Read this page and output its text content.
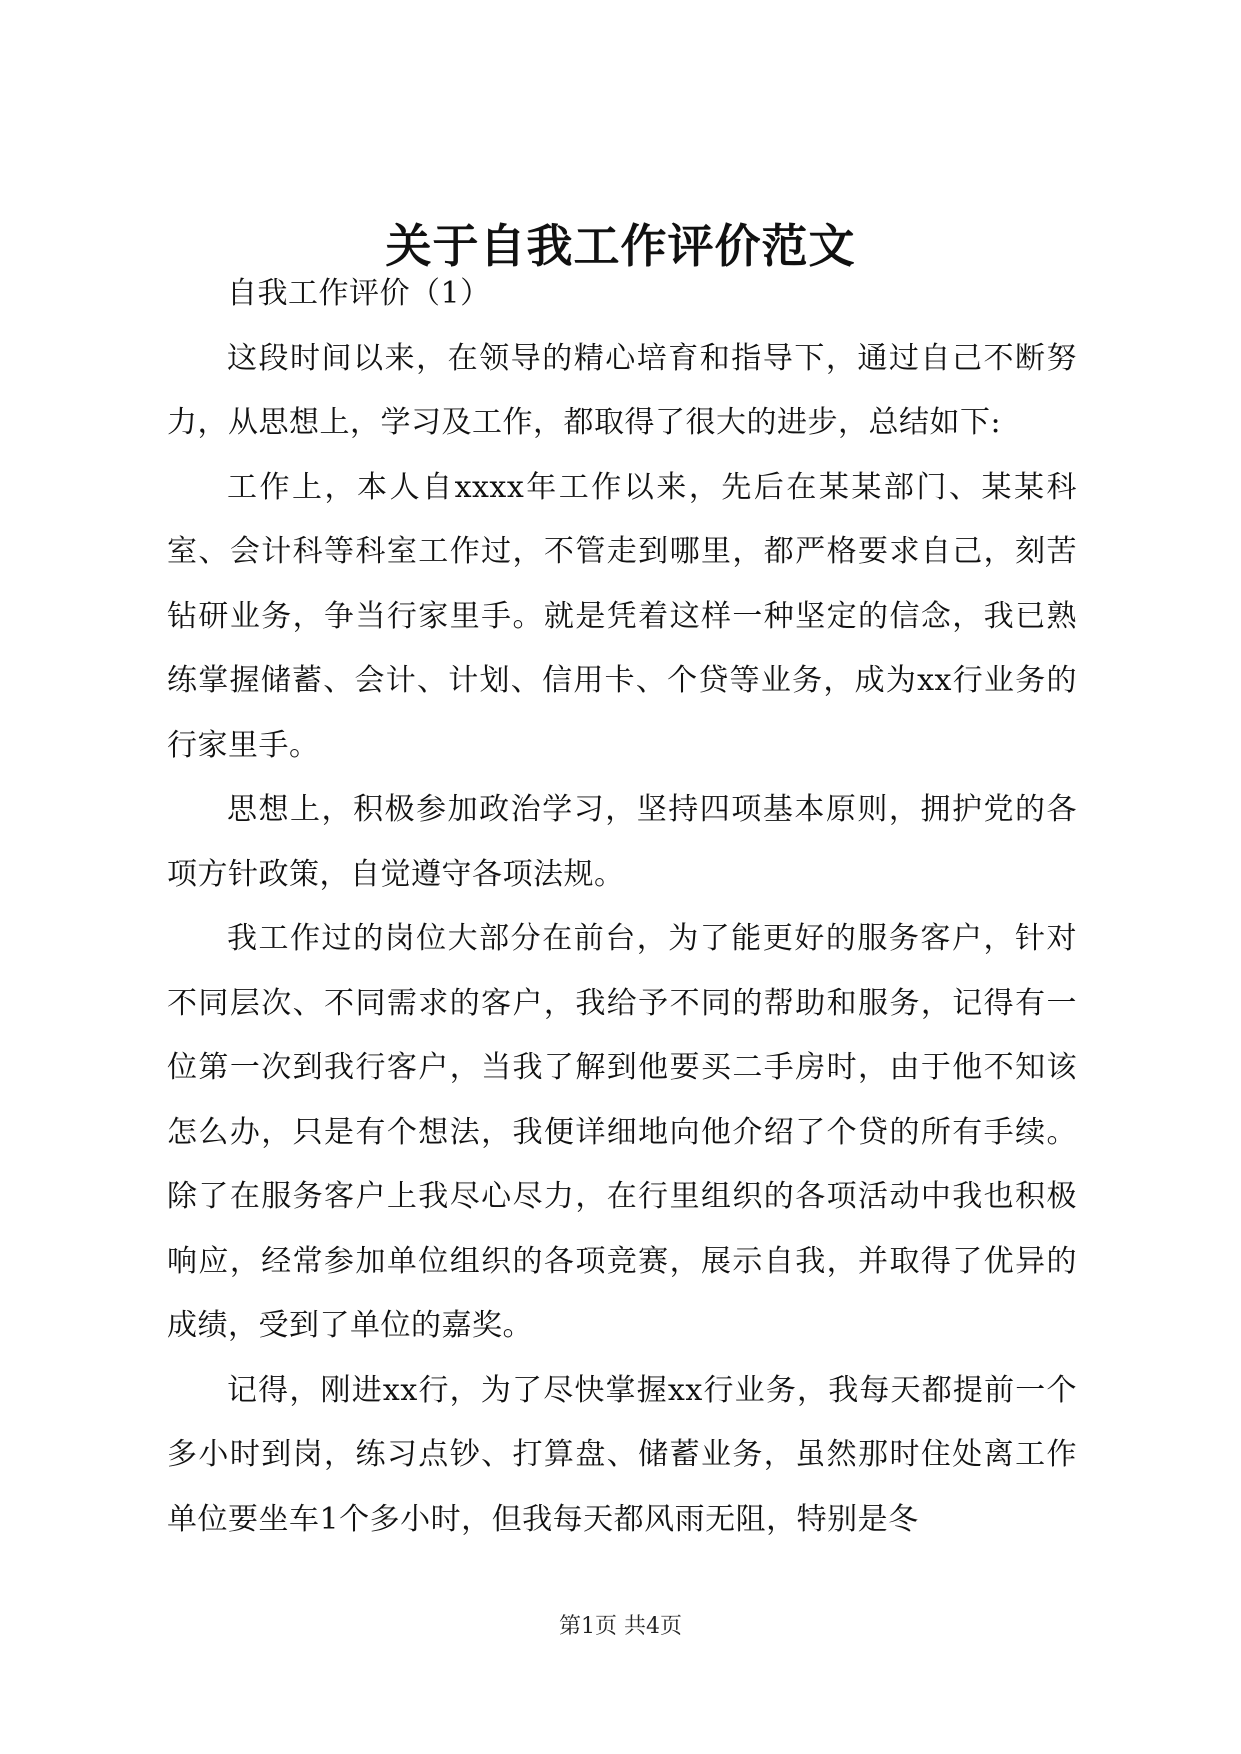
关于自我工作评价范文

自我工作评价（1）

这段时间以来，在领导的精心培育和指导下，通过自己不断努力，从思想上，学习及工作，都取得了很大的进步，总结如下:

工作上，本人自xxxx年工作以来，先后在某某部门、某某科室、会计科等科室工作过，不管走到哪里，都严格要求自己，刻苦钻研业务，争当行家里手。就是凭着这样一种坚定的信念，我已熟练掌握储蓄、会计、计划、信用卡、个贷等业务，成为xx行业务的行家里手。

思想上，积极参加政治学习，坚持四项基本原则，拥护党的各项方针政策，自觉遵守各项法规。

我工作过的岗位大部分在前台，为了能更好的服务客户，针对不同层次、不同需求的客户，我给予不同的帮助和服务，记得有一位第一次到我行客户，当我了解到他要买二手房时，由于他不知该怎么办，只是有个想法，我便详细地向他介绍了个贷的所有手续。除了在服务客户上我尽心尽力，在行里组织的各项活动中我也积极响应，经常参加单位组织的各项竞赛，展示自我，并取得了优异的成绩，受到了单位的嘉奖。

记得，刚进xx行，为了尽快掌握xx行业务，我每天都提前一个多小时到岗，练习点钞、打算盘、储蓄业务，虽然那时住处离工作单位要坐车1个多小时，但我每天都风雨无阻，特别是冬

第1页 共4页
